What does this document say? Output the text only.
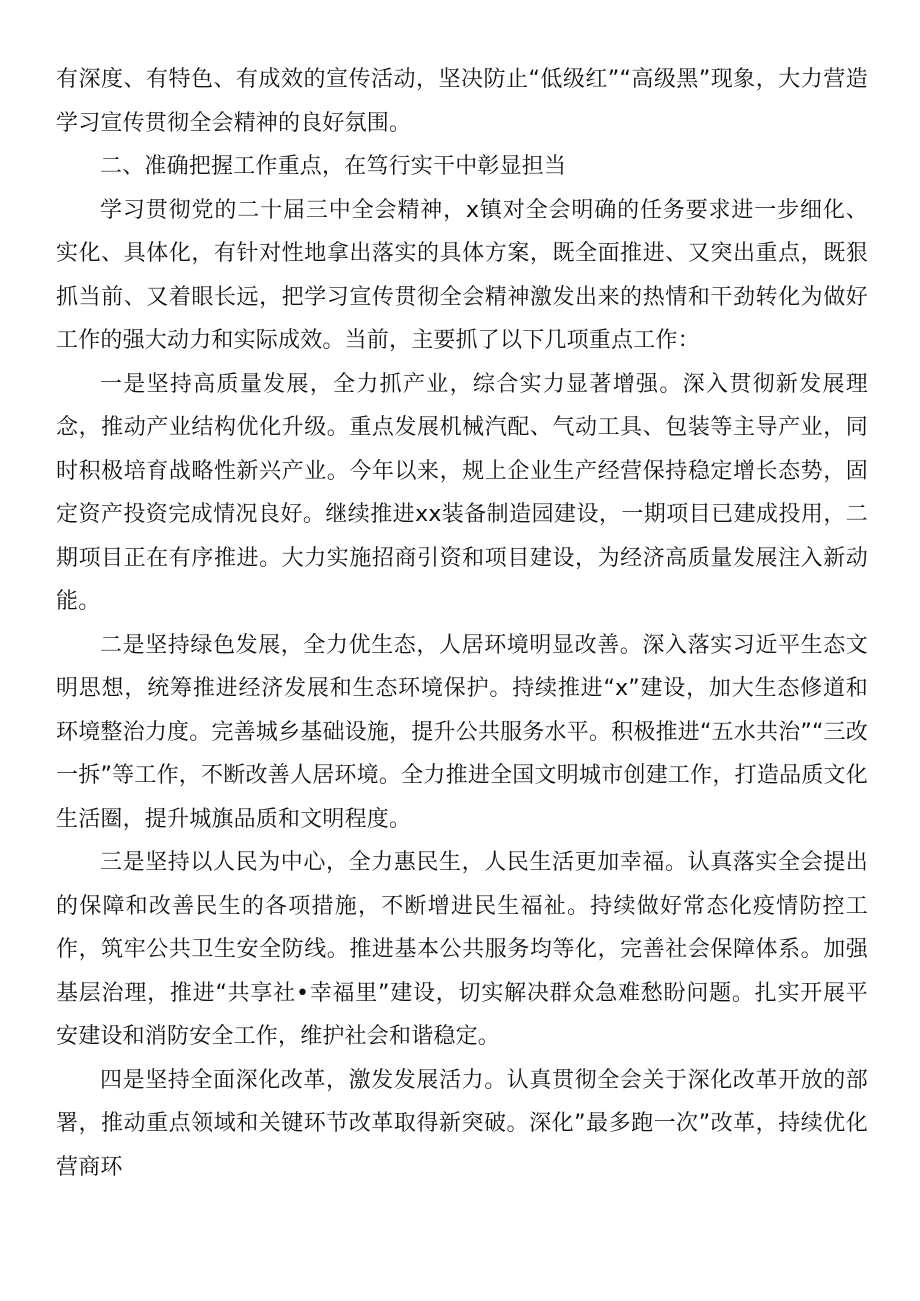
有深度、有特色、有成效的宣传活动，坚决防止“低级红”“高级黑”现象，大力营造学习宣传贯彻全会精神的良好氛围。

二、准确把握工作重点，在笃行实干中彰显担当

学习贯彻党的二十届三中全会精神，x镇对全会明确的任务要求进一步细化、实化、具体化，有针对性地拿出落实的具体方案，既全面推进、又突出重点，既狠抓当前、又着眼长远，把学习宣传贯彻全会精神激发出来的热情和干劲转化为做好工作的强大动力和实际成效。当前，主要抓了以下几项重点工作：

一是坚持高质量发展，全力抓产业，综合实力显著增强。深入贯彻新发展理念，推动产业结构优化升级。重点发展机械汽配、气动工具、包装等主导产业，同时积极培育战略性新兴产业。今年以来，规上企业生产经营保持稳定增长态势，固定资产投资完成情况良好。继续推进xx装备制造园建设，一期项目已建成投用，二期项目正在有序推进。大力实施招商引资和项目建设，为经济高质量发展注入新动能。

二是坚持绿色发展，全力优生态，人居环境明显改善。深入落实习近平生态文明思想，统筹推进经济发展和生态环境保护。持续推进“x”建设，加大生态修道和环境整治力度。完善城乡基础设施，提升公共服务水平。积极推进“五水共治”“三改一拆”等工作，不断改善人居环境。全力推进全国文明城市创建工作，打造品质文化生活圈，提升城旗品质和文明程度。

三是坚持以人民为中心，全力惠民生，人民生活更加幸福。认真落实全会提出的保障和改善民生的各项措施，不断增进民生福祉。持续做好常态化疫情防控工作，筑牢公共卫生安全防线。推进基本公共服务均等化，完善社会保障体系。加强基层治理，推进“共享社•幸福里”建设，切实解决群众急难愁盼问题。扎实开展平安建设和消防安全工作，维护社会和谐稳定。

四是坚持全面深化改革，激发发展活力。认真贯彻全会关于深化改革开放的部署，推动重点领域和关键环节改革取得新突破。深化”最多跑一次”改革，持续优化营商环
